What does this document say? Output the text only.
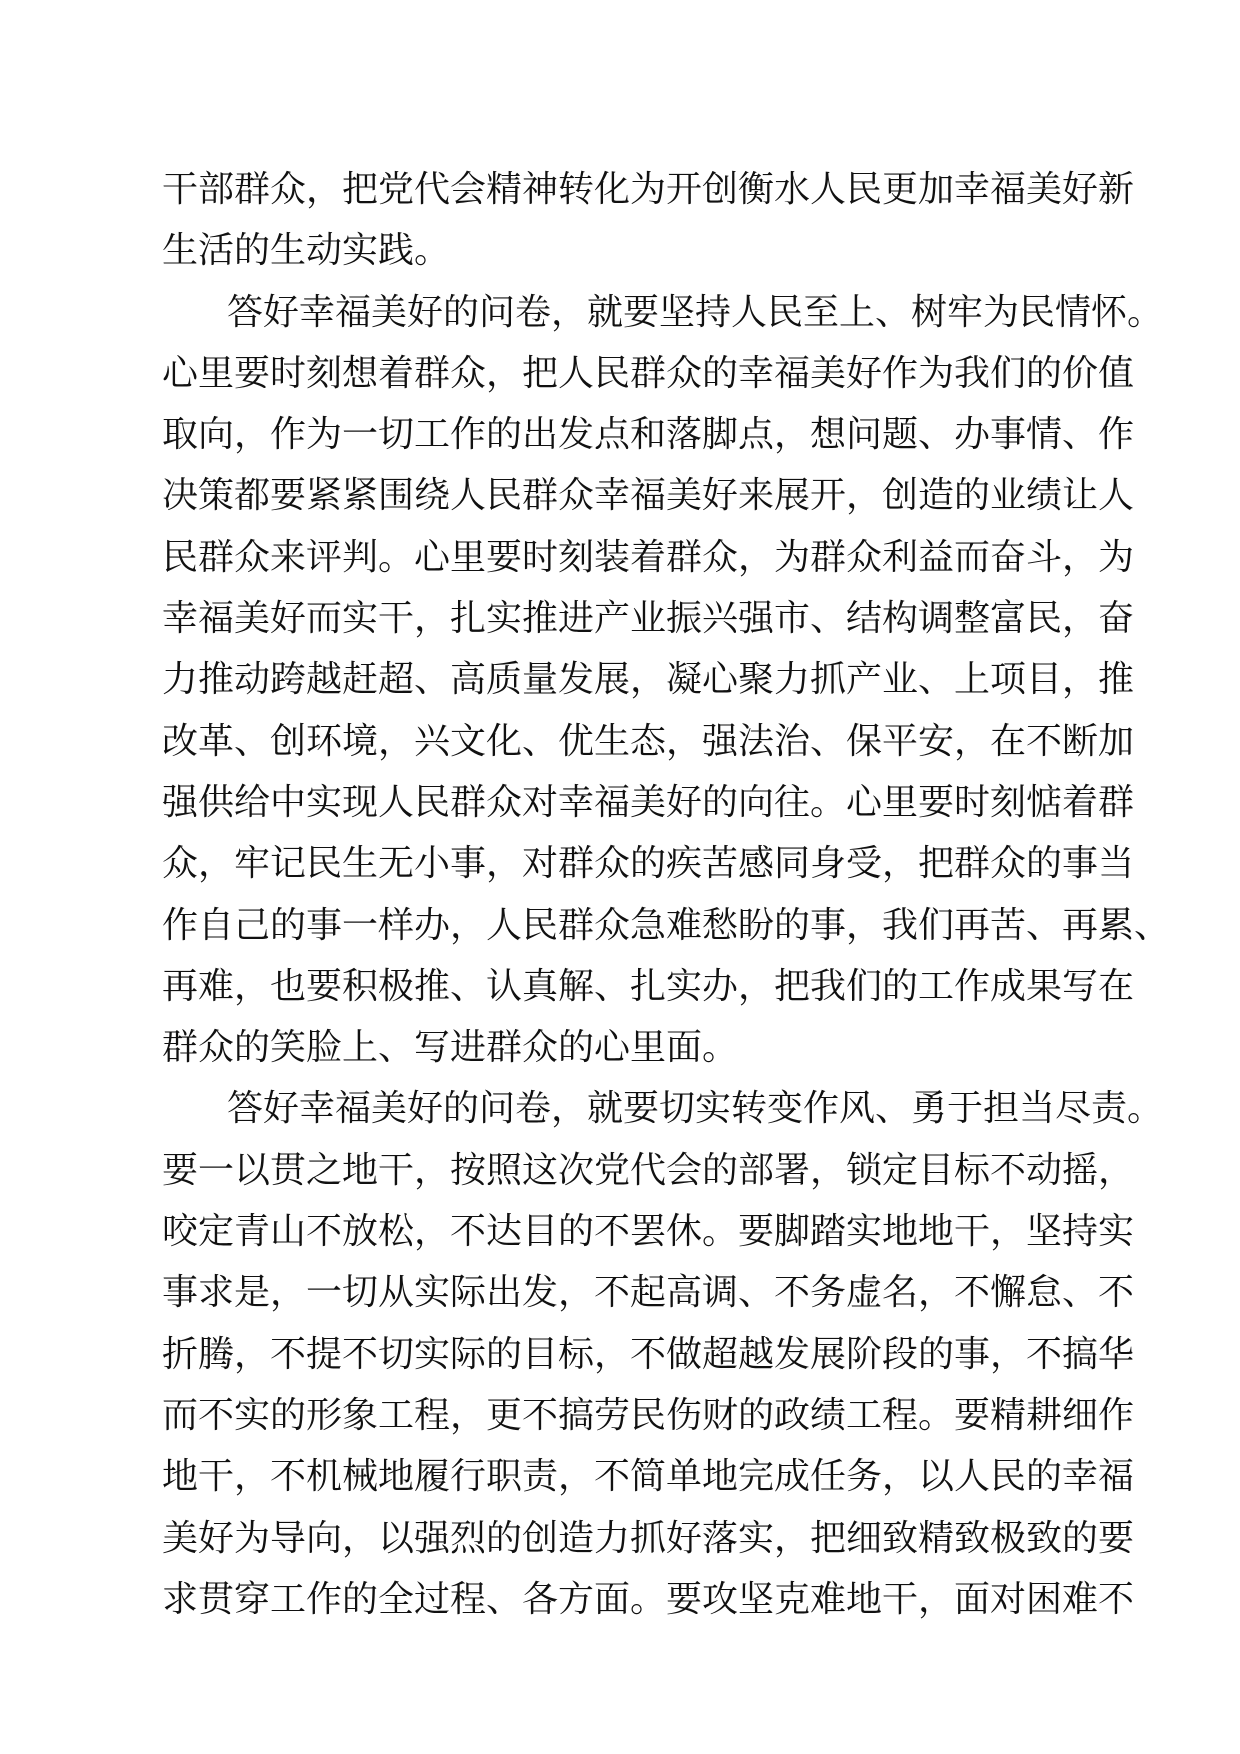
干部群众，把党代会精神转化为开创衡水人民更加幸福美好新
生活的生动实践。
答好幸福美好的问卷，就要坚持人民至上、树牢为民情怀。
心里要时刻想着群众，把人民群众的幸福美好作为我们的价值
取向，作为一切工作的出发点和落脚点，想问题、办事情、作
决策都要紧紧围绕人民群众幸福美好来展开，创造的业绩让人
民群众来评判。心里要时刻装着群众，为群众利益而奋斗，为
幸福美好而实干，扎实推进产业振兴强市、结构调整富民，奋
力推动跨越赶超、高质量发展，凝心聚力抓产业、上项目，推
改革、创环境，兴文化、优生态，强法治、保平安，在不断加
强供给中实现人民群众对幸福美好的向往。心里要时刻惦着群
众，牢记民生无小事，对群众的疾苦感同身受，把群众的事当
作自己的事一样办，人民群众急难愁盼的事，我们再苦、再累、
再难，也要积极推、认真解、扎实办，把我们的工作成果写在
群众的笑脸上、写进群众的心里面。
答好幸福美好的问卷，就要切实转变作风、勇于担当尽责。
要一以贯之地干，按照这次党代会的部署，锁定目标不动摇，
咬定青山不放松，不达目的不罢休。要脚踏实地地干，坚持实
事求是，一切从实际出发，不起高调、不务虚名，不懈怠、不
折腾，不提不切实际的目标，不做超越发展阶段的事，不搞华
而不实的形象工程，更不搞劳民伤财的政绩工程。要精耕细作
地干，不机械地履行职责，不简单地完成任务，以人民的幸福
美好为导向，以强烈的创造力抓好落实，把细致精致极致的要
求贯穿工作的全过程、各方面。要攻坚克难地干，面对困难不
